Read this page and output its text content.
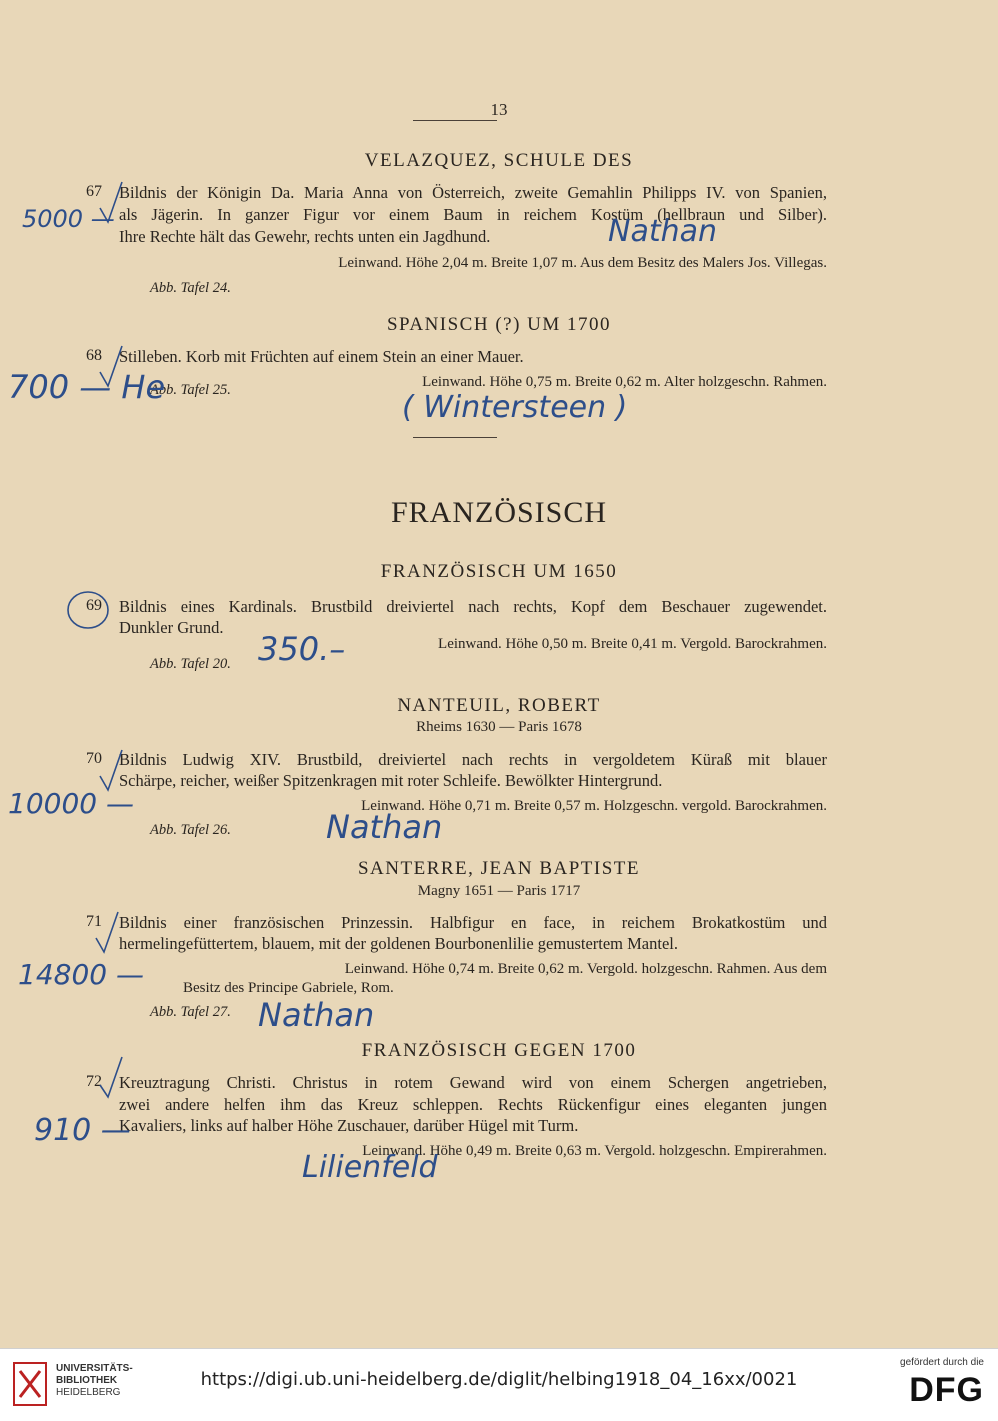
13
VELAZQUEZ, SCHULE DES
67 Bildnis der Königin Da. Maria Anna von Österreich, zweite Gemahlin Philipps IV. von Spanien,
als Jägerin. In ganzer Figur vor einem Baum in reichem Kostüm (hellbraun und Silber).
Ihre Rechte hält das Gewehr, rechts unten ein Jagdhund.
Leinwand. Höhe 2,04 m. Breite 1,07 m. Aus dem Besitz des Malers Jos. Villegas.
Abb. Tafel 24.
5000 —	Nathan
SPANISCH (?) UM 1700
68 Stilleben. Korb mit Früchten auf einem Stein an einer Mauer.
Abb. Tafel 25.	Leinwand. Höhe 0,75 m. Breite 0,62 m. Alter holzgeschn. Rahmen.
700 — He
( Wintersteen )
FRANZÖSISCH
FRANZÖSISCH UM 1650
69 Bildnis eines Kardinals. Brustbild dreiviertel nach rechts, Kopf dem Beschauer zugewendet.
Dunkler Grund.
Leinwand. Höhe 0,50 m. Breite 0,41 m. Vergold. Barockrahmen.
Abb. Tafel 20. 350.–
NANTEUIL, ROBERT
Rheims 1630 — Paris 1678
70 Bildnis Ludwig XIV. Brustbild, dreiviertel nach rechts in vergoldetem Küraß mit blauer
Schärpe, reicher, weißer Spitzenkragen mit roter Schleife. Bewölkter Hintergrund.
Leinwand. Höhe 0,71 m. Breite 0,57 m. Holzgeschn. vergold. Barockrahmen.
Abb. Tafel 26.
10000 —
Nathan
SANTERRE, JEAN BAPTISTE
Magny 1651 — Paris 1717
71 Bildnis einer französischen Prinzessin. Halbfigur en face, in reichem Brokatkostüm und
hermelingefüttertem, blauem, mit der goldenen Bourbonenlilie gemustertem Mantel.
Leinwand. Höhe 0,74 m. Breite 0,62 m. Vergold. holzgeschn. Rahmen. Aus dem
Besitz des Principe Gabriele, Rom.
Abb. Tafel 27.
14800 —
Nathan
FRANZÖSISCH GEGEN 1700
72 Kreuztragung Christi. Christus in rotem Gewand wird von einem Schergen angetrieben,
zwei andere helfen ihm das Kreuz schleppen. Rechts Rückenfigur eines eleganten jungen
Kavaliers, links auf halber Höhe Zuschauer, darüber Hügel mit Turm.
Leinwand. Höhe 0,49 m. Breite 0,63 m. Vergold. holzgeschn. Empirerahmen.
910 —
Lilienfeld
UNIVERSITÄTS-
BIBLIOTHEK
HEIDELBERG
https://digi.ub.uni-heidelberg.de/diglit/helbing1918_04_16xx/0021
gefördert durch die
DFG
